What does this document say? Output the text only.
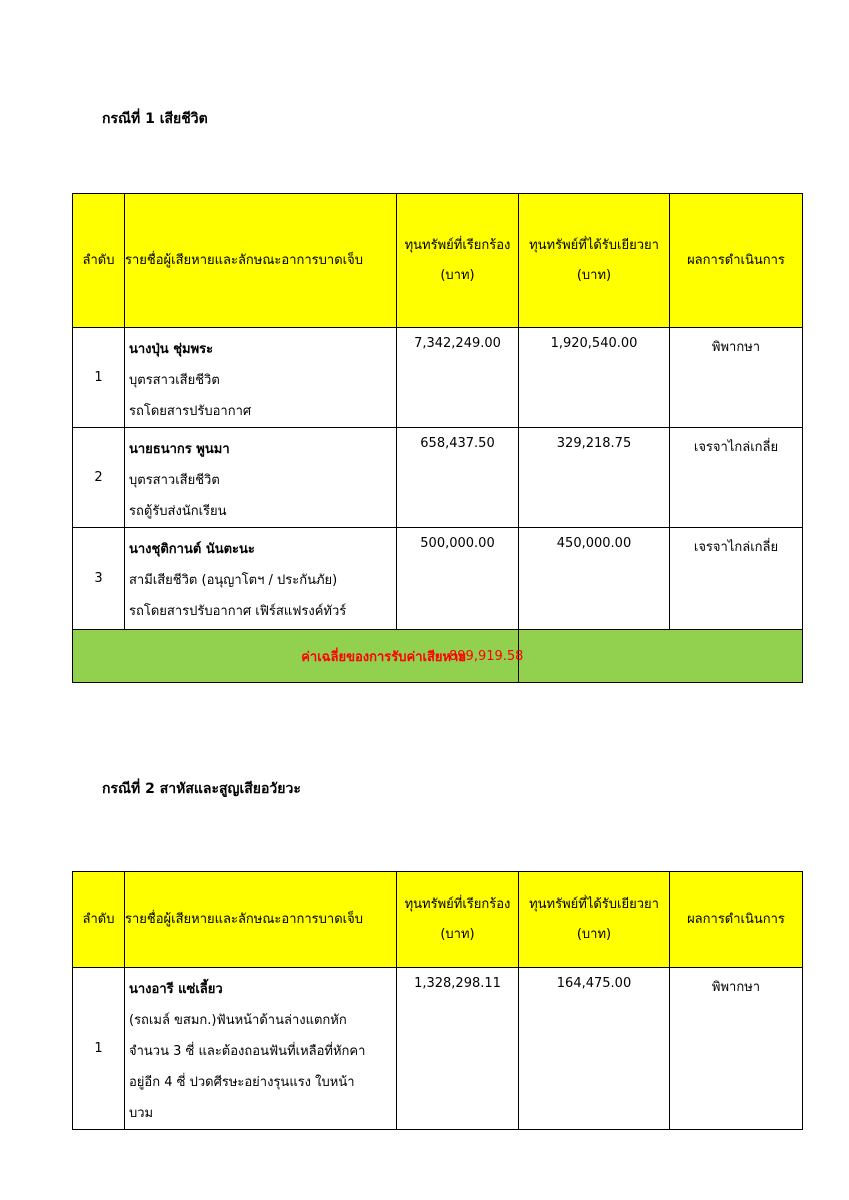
กรณีที่ 1 เสียชีวิต
ลำดับ	รายชื่อผู้เสียหายและลักษณะอาการบาดเจ็บ	ทุนทรัพย์ที่เรียกร้อง
(บาท)	ทุนทรัพย์ที่ได้รับเยียวยา
(บาท)	ผลการดำเนินการ
1	นางปุ่น ชุ่มพระ
บุตรสาวเสียชีวิต
รถโดยสารปรับอากาศ	7,342,249.00	1,920,540.00	พิพากษา
2	นายธนากร พูนมา
บุตรสาวเสียชีวิต
รถตู้รับส่งนักเรียน	658,437.50	329,218.75	เจรจาไกล่เกลี่ย
3	นางชุติกานต์ นันตะนะ
สามีเสียชีวิต (อนุญาโตฯ / ประกันภัย)
รถโดยสารปรับอากาศ เฟิร์สแฟรงค์ทัวร์	500,000.00	450,000.00	เจรจาไกล่เกลี่ย
ค่าเฉลี่ยของการรับค่าเสียหาย			899,919.58	
กรณีที่ 2 สาหัสและสูญเสียอวัยวะ
ลำดับ	รายชื่อผู้เสียหายและลักษณะอาการบาดเจ็บ	ทุนทรัพย์ที่เรียกร้อง
(บาท)	ทุนทรัพย์ที่ได้รับเยียวยา
(บาท)	ผลการดำเนินการ
1	นางอารี แซ่เลี้ยว
(รถเมล์ ขสมก.)ฟันหน้าด้านล่างแตกหัก
จำนวน 3 ซี่ และต้องถอนฟันที่เหลือที่หักคา
อยู่อีก 4 ซี่ ปวดศีรษะอย่างรุนแรง ใบหน้า
บวม	1,328,298.11	164,475.00	พิพากษา
